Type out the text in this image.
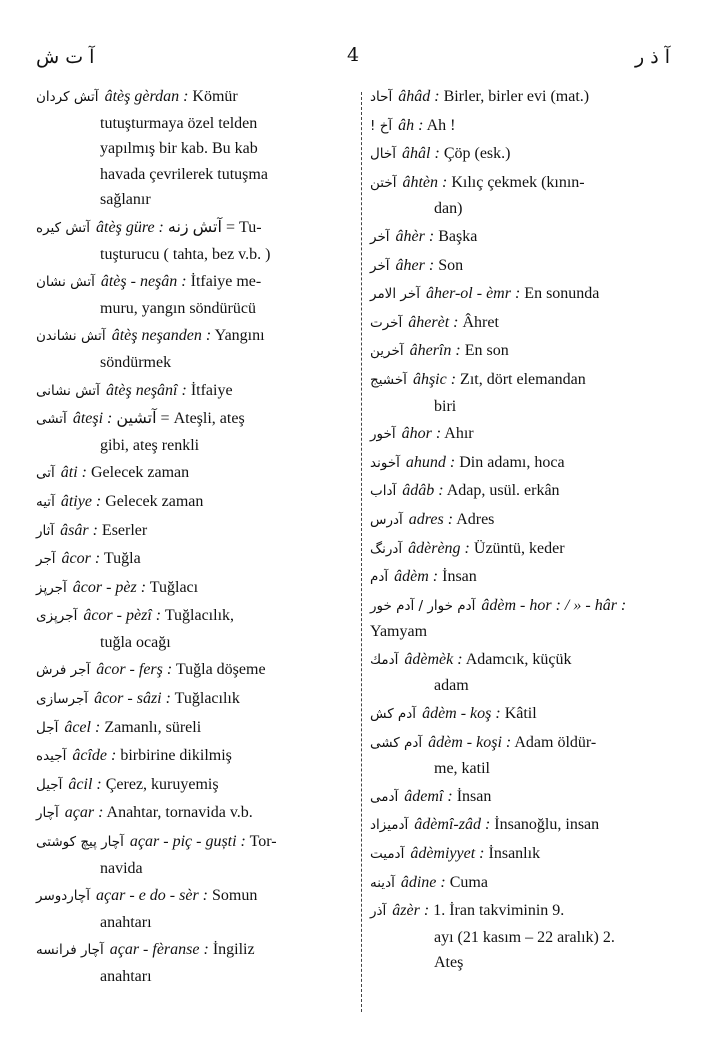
آ ت ش	4	آ ذ ر
آتش كردان âtèş gèrdan : Kömür
tutuşturmaya özel telden
yapılmış bir kab. Bu kab
havada çevrilerek tutuşma
sağlanır
آتش كيره âtèş güre : آتش زنه = Tu-
tuşturucu ( tahta, bez v.b. )
آتش نشان âtèş - neşân : İtfaiye me-
muru, yangın söndürücü
آتش نشاندن âtèş neşanden : Yangını
söndürmek
آتش نشانى âtèş neşânî : İtfaiye
آتشى âteşi : آتشين = Ateşli, ateş
gibi, ateş renkli
آتى âti : Gelecek zaman
آتيه âtiye : Gelecek zaman
آثار âsâr : Eserler
آجر âcor : Tuğla
آجرپز âcor - pèz : Tuğlacı
آجرپزى âcor - pèzî : Tuğlacılık,
tuğla ocağı
آجر فرش âcor - ferş : Tuğla döşeme
آجرسازى âcor - sâzi : Tuğlacılık
آجل âcel : Zamanlı, süreli
آجيده âcîde : birbirine dikilmiş
آجيل âcil : Çerez, kuruyemiş
آچار açar : Anahtar, tornavida v.b.
آچار پيچ كوشتى açar - piç - guști : Tor-
navida
آچاردوسر açar - e do - sèr : Somun
anahtarı
آچار فرانسه açar - fèranse : İngiliz
anahtarı
آحاد âhâd : Birler, birler evi (mat.)
آخ ! âh : Ah !
آخال âhâl : Çöp (esk.)
آختن âhtèn : Kılıç çekmek (kının-
dan)
آخر âhèr : Başka
آخر âher : Son
آخر الامر âher-ol - èmr : En sonunda
آخرت âherèt : Âhret
آخرين âherîn : En son
آخشيج âhşic : Zıt, dört elemandan
biri
آخور âhor : Ahır
آخوند ahund : Din adamı, hoca
آداب âdâb : Adap, usül. erkân
آدرس adres : Adres
آدرنگ âdèrèng : Üzüntü, keder
آدم âdèm : İnsan
آدم خوار / آدم خور âdèm - hor : / » - hâr : Yamyam
آدمك âdèmèk : Adamcık, küçük
adam
آدم كش âdèm - koş : Kâtil
آدم كشى âdèm - koşi : Adam öldür-
me, katil
آدمى âdemî : İnsan
آدميزاد âdèmî-zâd : İnsanoğlu, insan
آدميت âdèmiyyet : İnsanlık
آدينه âdine : Cuma
آذر âzèr : 1. İran takviminin 9.
ayı (21 kasım – 22 aralık) 2.
Ateş
